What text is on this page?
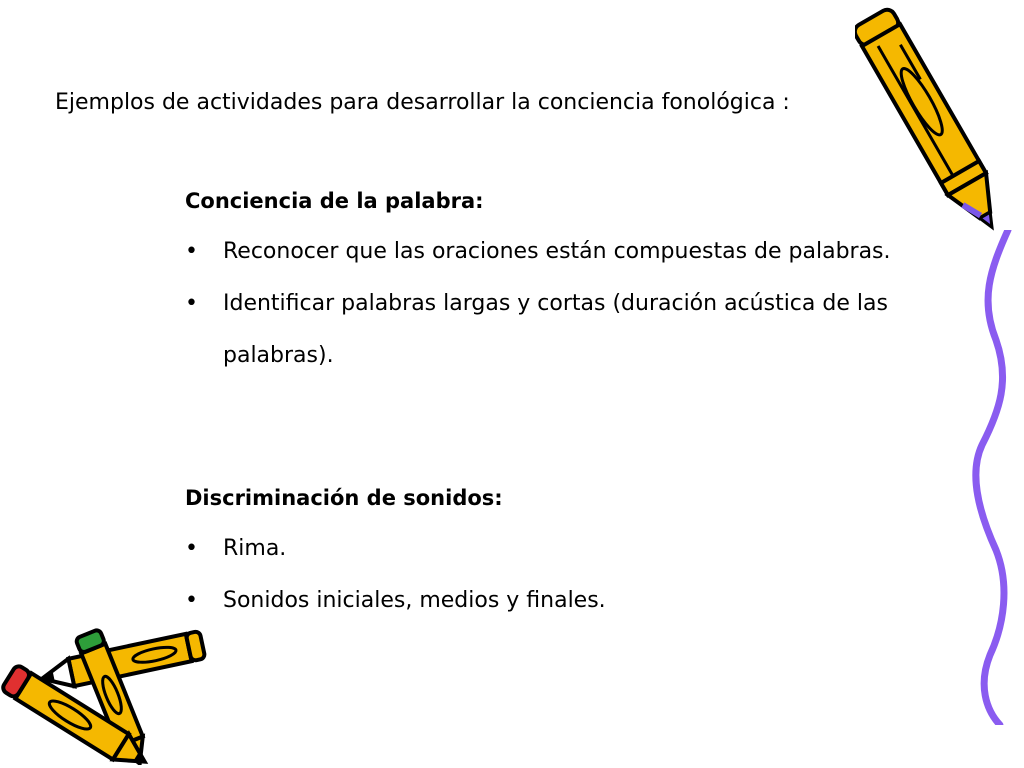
Ejemplos de actividades para desarrollar la conciencia fonológica :

Conciencia de la palabra:

•	Reconocer que las oraciones están compuestas de palabras.
•	Identificar palabras largas y cortas (duración acústica de las palabras).

Discriminación de sonidos:

•	Rima.
•	Sonidos iniciales, medios y finales.
